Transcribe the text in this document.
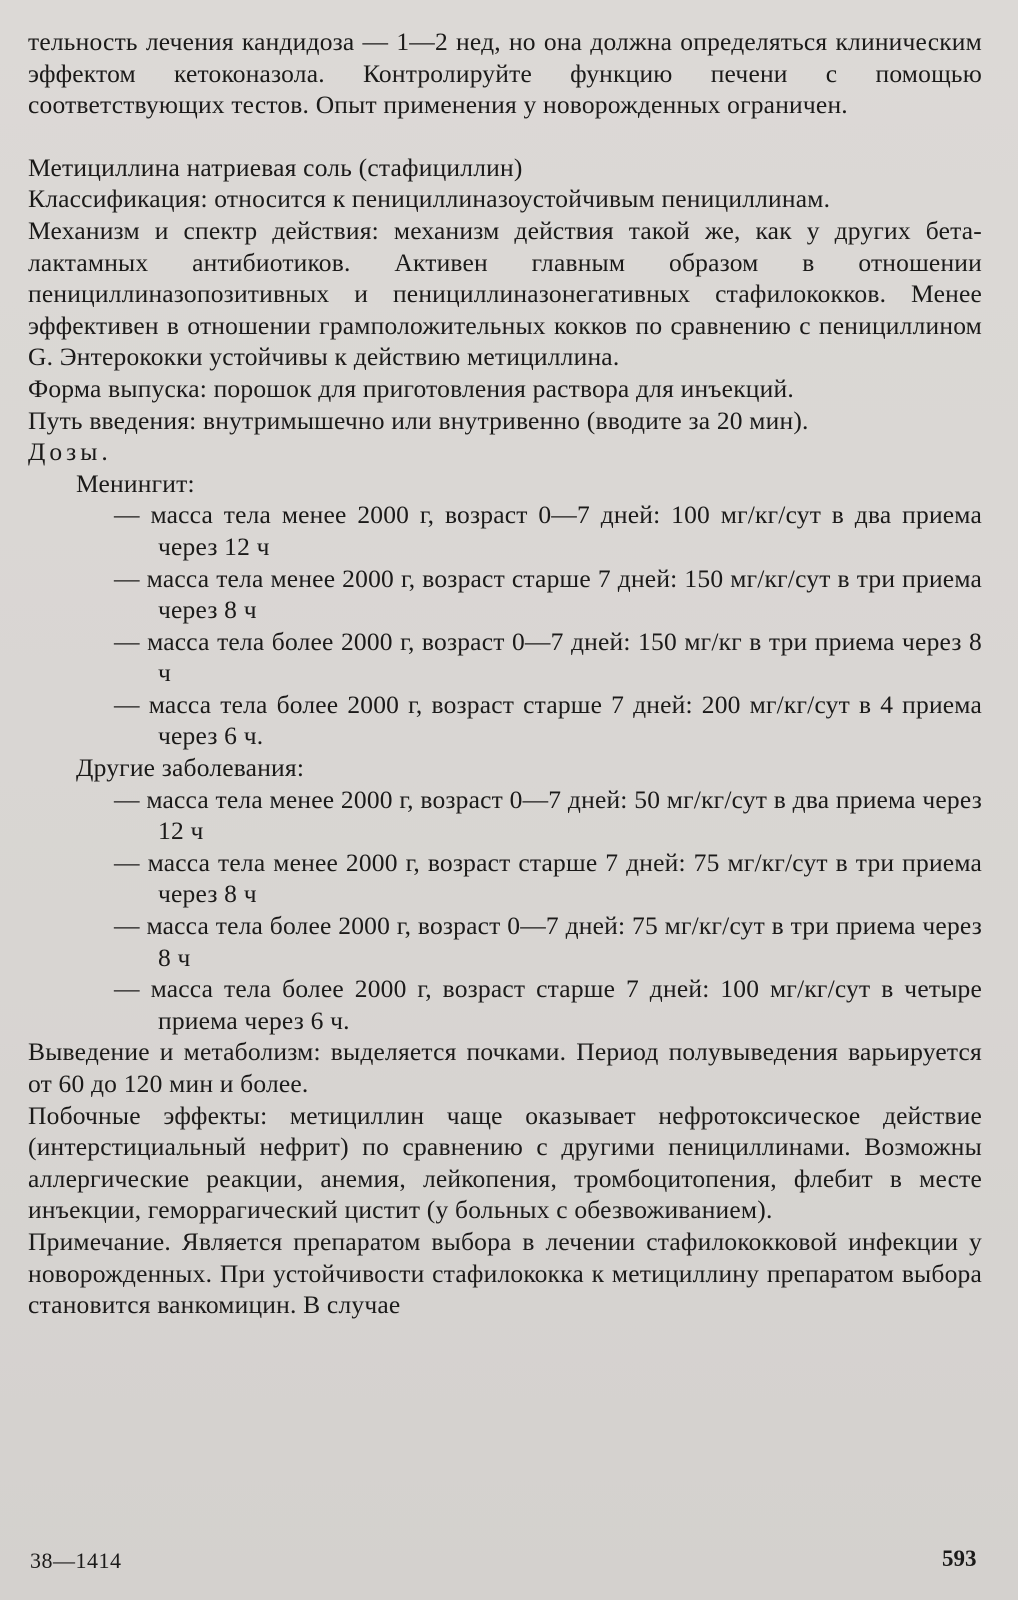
тельность лечения кандидоза — 1—2 нед, но она должна определяться клиническим эффектом кетоконазола. Контролируйте функцию печени с помощью соответствующих тестов. Опыт применения у новорожденных ограничен.

Метициллина натриевая соль (стафициллин)

Классификация: относится к пенициллиназоустойчивым пенициллинам.

Механизм и спектр действия: механизм действия такой же, как у других бета-лактамных антибиотиков. Активен главным образом в отношении пенициллиназопозитивных и пенициллиназонегативных стафилококков. Менее эффективен в отношении грамположительных кокков по сравнению с пенициллином G. Энтерококки устойчивы к действию метициллина.

Форма выпуска: порошок для приготовления раствора для инъекций.

Путь введения: внутримышечно или внутривенно (вводите за 20 мин).

Дозы.

Менингит:

— масса тела менее 2000 г, возраст 0—7 дней: 100 мг/кг/сут в два приема через 12 ч

— масса тела менее 2000 г, возраст старше 7 дней: 150 мг/кг/сут в три приема через 8 ч

— масса тела более 2000 г, возраст 0—7 дней: 150 мг/кг в три приема через 8 ч

— масса тела более 2000 г, возраст старше 7 дней: 200 мг/кг/сут в 4 приема через 6 ч.

Другие заболевания:

— масса тела менее 2000 г, возраст 0—7 дней: 50 мг/кг/сут в два приема через 12 ч

— масса тела менее 2000 г, возраст старше 7 дней: 75 мг/кг/сут в три приема через 8 ч

— масса тела более 2000 г, возраст 0—7 дней: 75 мг/кг/сут в три приема через 8 ч

— масса тела более 2000 г, возраст старше 7 дней: 100 мг/кг/сут в четыре приема через 6 ч.

Выведение и метаболизм: выделяется почками. Период полувыведения варьируется от 60 до 120 мин и более.

Побочные эффекты: метициллин чаще оказывает нефротоксическое действие (интерстициальный нефрит) по сравнению с другими пенициллинами. Возможны аллергические реакции, анемия, лейкопения, тромбоцитопения, флебит в месте инъекции, геморрагический цистит (у больных с обезвоживанием).

Примечание. Является препаратом выбора в лечении стафилококковой инфекции у новорожденных. При устойчивости стафилококка к метициллину препаратом выбора становится ванкомицин. В случае

38—1414	593
